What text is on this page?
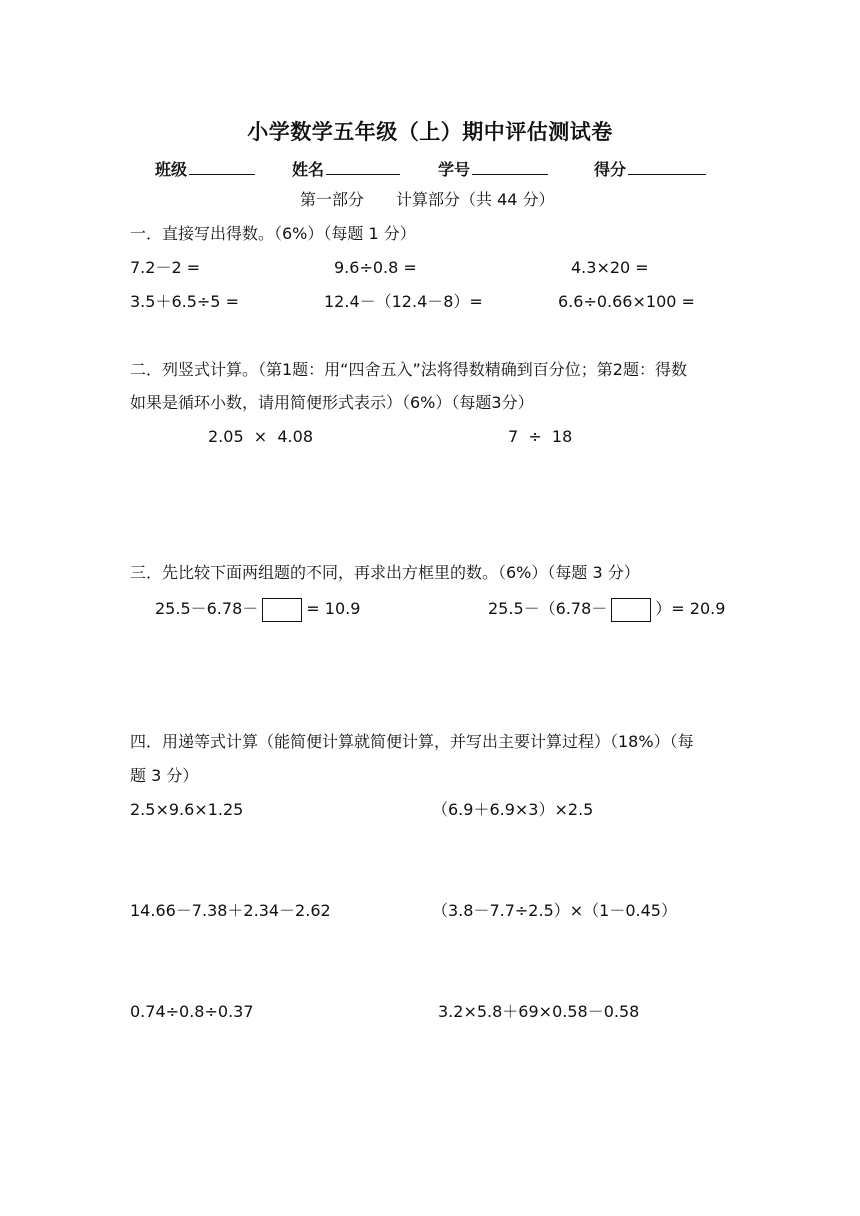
小学数学五年级（上）期中评估测试卷
班级	姓名	学号	得分
第一部分　　计算部分（共 44 分）
一．直接写出得数。（6%）（每题 1 分）
7.2－2 =	9.6÷0.8 =	4.3×20 =
3.5＋6.5÷5 =	12.4－（12.4－8）=	6.6÷0.66×100 =
二．列竖式计算。（第1题：用“四舍五入”法将得数精确到百分位；第2题：得数
如果是循环小数，请用简便形式表示）（6%）（每题3分）
2.05  ×  4.08	7  ÷  18
三．先比较下面两组题的不同，再求出方框里的数。（6%）（每题 3 分）
25.5－6.78－	= 10.9	25.5－（6.78－	）= 20.9
四．用递等式计算（能简便计算就简便计算，并写出主要计算过程）（18%）（每
题 3 分）
2.5×9.6×1.25	（6.9＋6.9×3）×2.5
14.66－7.38＋2.34－2.62	（3.8－7.7÷2.5）×（1－0.45）
0.74÷0.8÷0.37	3.2×5.8＋69×0.58－0.58
